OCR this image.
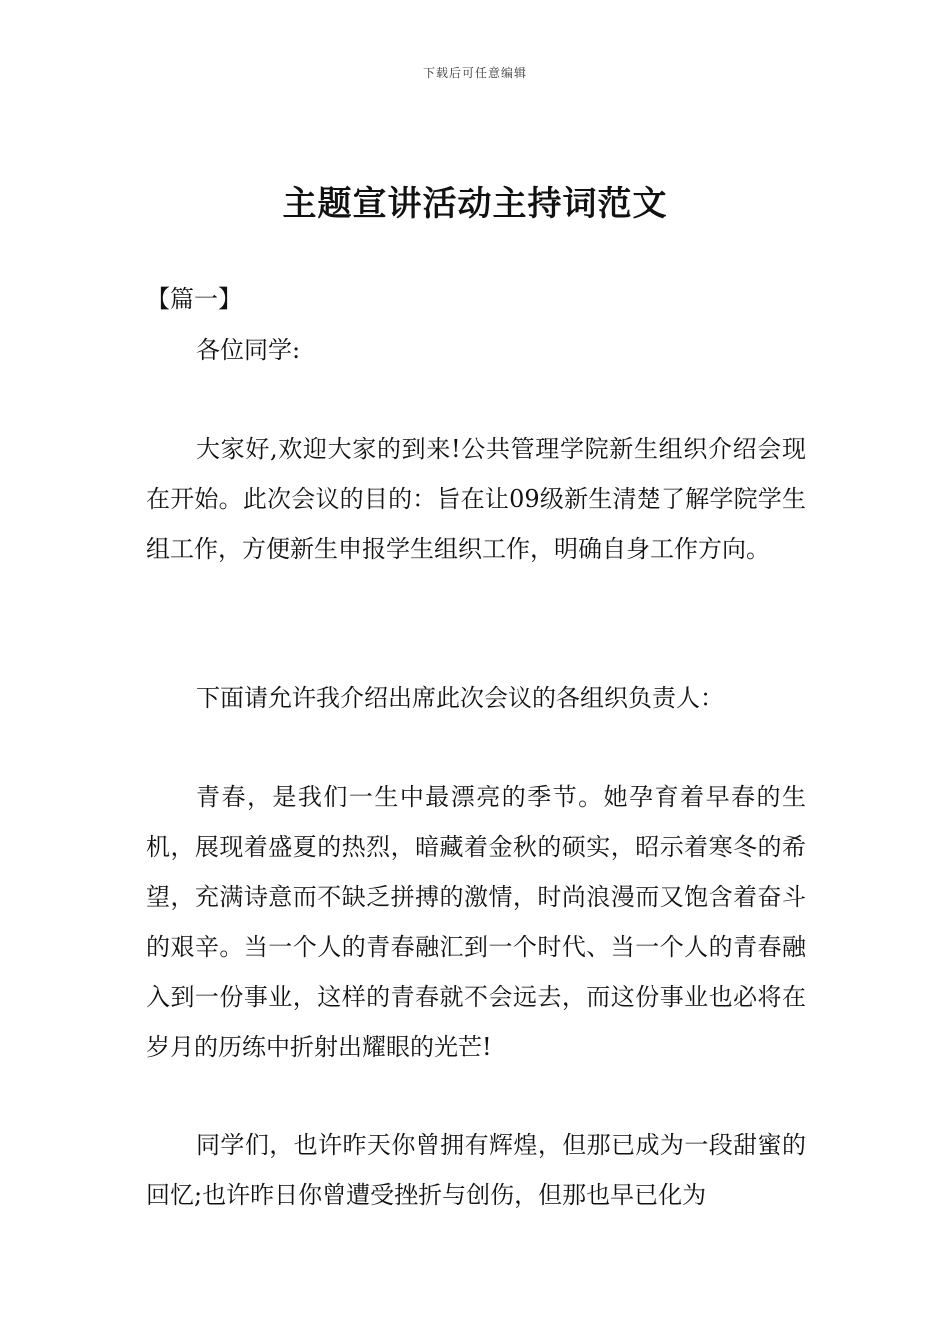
下载后可任意编辑
主题宣讲活动主持词范文
【篇一】
各位同学:

大家好,欢迎大家的到来!公共管理学院新生组织介绍会现在开始。此次会议的目的：旨在让09级新生清楚了解学院学生组工作，方便新生申报学生组织工作，明确自身工作方向。

下面请允许我介绍出席此次会议的各组织负责人：

青春，是我们一生中最漂亮的季节。她孕育着早春的生机，展现着盛夏的热烈，暗藏着金秋的硕实，昭示着寒冬的希望，充满诗意而不缺乏拼搏的激情，时尚浪漫而又饱含着奋斗的艰辛。当一个人的青春融汇到一个时代、当一个人的青春融入到一份事业，这样的青春就不会远去，而这份事业也必将在岁月的历练中折射出耀眼的光芒!

同学们，也许昨天你曾拥有辉煌，但那已成为一段甜蜜的回忆;也许昨日你曾遭受挫折与创伤，但那也早已化为
